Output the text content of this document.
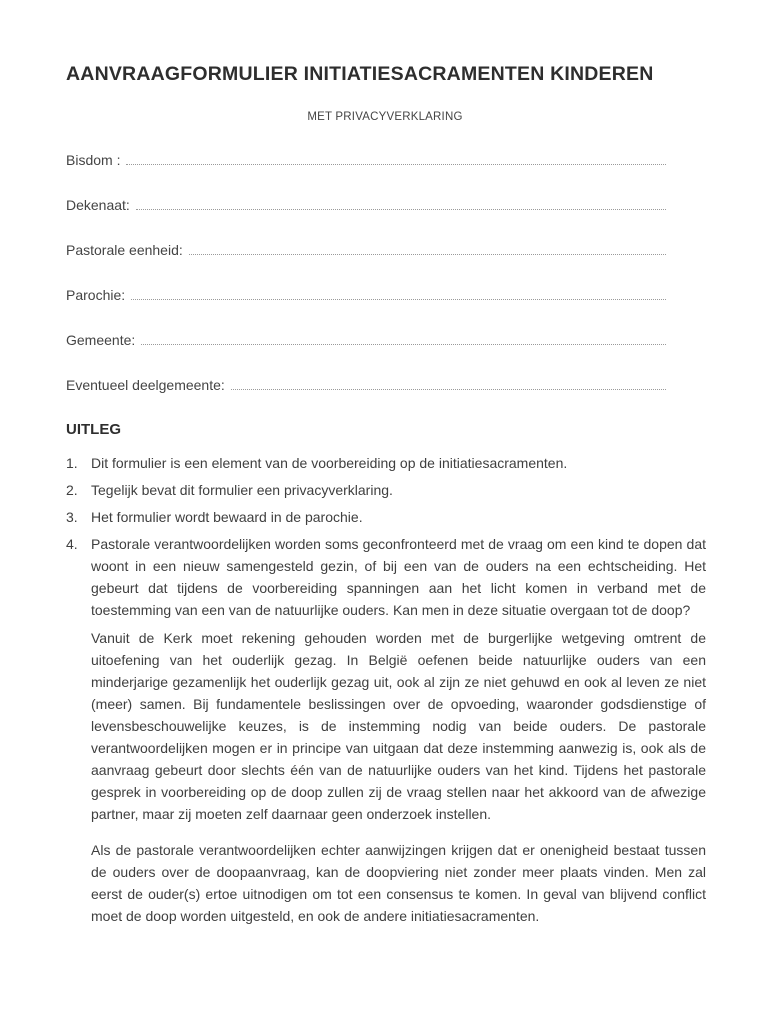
AANVRAAGFORMULIER INITIATIESACRAMENTEN KINDEREN
MET PRIVACYVERKLARING
Bisdom :
Dekenaat:
Pastorale eenheid:
Parochie:
Gemeente:
Eventueel deelgemeente:
UITLEG
1. Dit formulier is een element van de voorbereiding op de initiatiesacramenten.
2. Tegelijk bevat dit formulier een privacyverklaring.
3. Het formulier wordt bewaard in de parochie.
4. Pastorale verantwoordelijken worden soms geconfronteerd met de vraag om een kind te dopen dat woont in een nieuw samengesteld gezin, of bij een van de ouders na een echtscheiding. Het gebeurt dat tijdens de voorbereiding spanningen aan het licht komen in verband met de toestemming van een van de natuurlijke ouders. Kan men in deze situatie overgaan tot de doop?

Vanuit de Kerk moet rekening gehouden worden met de burgerlijke wetgeving omtrent de uitoefening van het ouderlijk gezag. In België oefenen beide natuurlijke ouders van een minderjarige gezamenlijk het ouderlijk gezag uit, ook al zijn ze niet gehuwd en ook al leven ze niet (meer) samen. Bij fundamentele beslissingen over de opvoeding, waaronder godsdienstige of levensbeschouwelijke keuzes, is de instemming nodig van beide ouders. De pastorale verantwoordelijken mogen er in principe van uitgaan dat deze instemming aanwezig is, ook als de aanvraag gebeurt door slechts één van de natuurlijke ouders van het kind. Tijdens het pastorale gesprek in voorbereiding op de doop zullen zij de vraag stellen naar het akkoord van de afwezige partner, maar zij moeten zelf daarnaar geen onderzoek instellen.

Als de pastorale verantwoordelijken echter aanwijzingen krijgen dat er onenigheid bestaat tussen de ouders over de doopaanvraag, kan de doopviering niet zonder meer plaats vinden. Men zal eerst de ouder(s) ertoe uitnodigen om tot een consensus te komen. In geval van blijvend conflict moet de doop worden uitgesteld, en ook de andere initiatiesacramenten.
